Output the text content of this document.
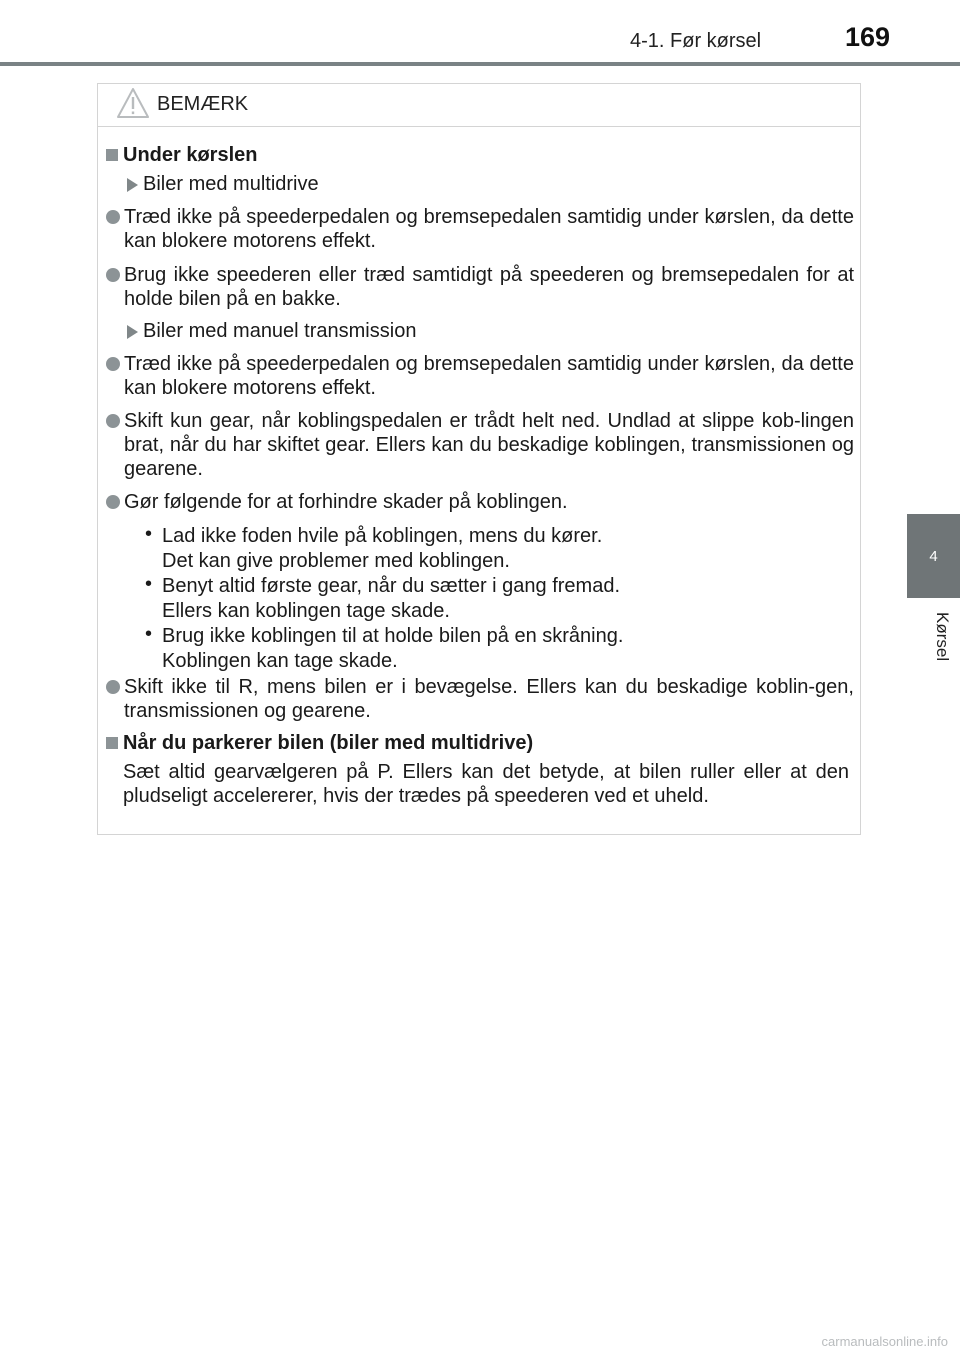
4-1. Før kørsel	169
4
Kørsel
BEMÆRK
Under kørslen
Biler med multidrive
Træd ikke på speederpedalen og bremsepedalen samtidig under kørslen, da dette kan blokere motorens effekt.
Brug ikke speederen eller træd samtidigt på speederen og bremsepedalen for at holde bilen på en bakke.
Biler med manuel transmission
Træd ikke på speederpedalen og bremsepedalen samtidig under kørslen, da dette kan blokere motorens effekt.
Skift kun gear, når koblingspedalen er trådt helt ned. Undlad at slippe kob-lingen brat, når du har skiftet gear. Ellers kan du beskadige koblingen, transmissionen og gearene.
Gør følgende for at forhindre skader på koblingen.
• Lad ikke foden hvile på koblingen, mens du kører.
Det kan give problemer med koblingen.
• Benyt altid første gear, når du sætter i gang fremad.
Ellers kan koblingen tage skade.
• Brug ikke koblingen til at holde bilen på en skråning.
Koblingen kan tage skade.
Skift ikke til R, mens bilen er i bevægelse. Ellers kan du beskadige koblin-gen, transmissionen og gearene.
Når du parkerer bilen (biler med multidrive)
Sæt altid gearvælgeren på P. Ellers kan det betyde, at bilen ruller eller at den pludseligt accelererer, hvis der trædes på speederen ved et uheld.
carmanualsonline.info
